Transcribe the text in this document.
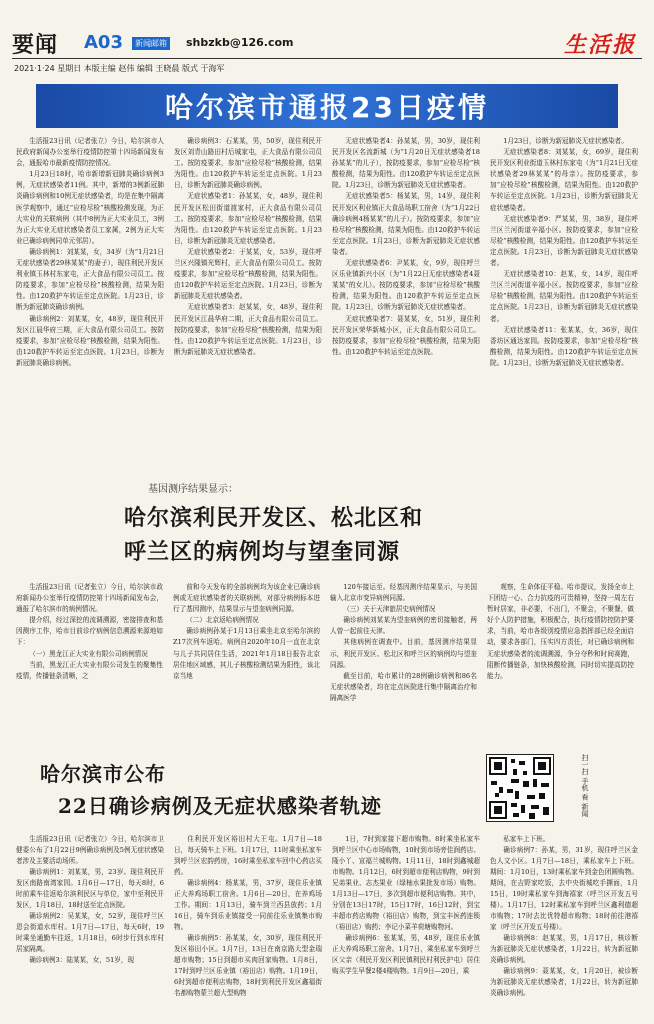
要闻 A03	新闻邮箱 shbzkb@126.com	生活报
2021·1·24 星期日 本版主编 赵伟 编辑 王晓晨 版式 于海军
哈尔滨市通报23日疫情

生活报23日讯（记者张立）今日，哈尔滨市人民政府新闻办公室举行疫情防控第十四场新闻发布会，通报哈市最新疫情防控情况。

1月23日18时，哈市新增新冠肺炎确诊病例3例，无症状感染者11例。其中，新增的3例新冠肺炎确诊病例和10例无症状感染者，均是在集中隔离医学观察中，通过“应检尽检”核酸检测发现，为正大实业的关联病例（其中8例为正大实业员工，3例为正大实业无症状感染者员工家属，2例为正大实业已确诊病例同单元邻居）。

确诊病例1：刘某某，女，34岁（为“1月21日无症状感染者29林某某”的妻子），现住利民开发区利业镇玉林村东家屯，正大食品有限公司员工。按防疫要求，参加“应检尽检”核酸检测，结果为阳性。由120救护车转运至定点医院。1月23日，诊断为新冠肺炎确诊病例。

确诊病例2：刘某某，女，48岁，现住利民开发区江晨华府三期，正大食品有限公司员工。按防疫要求，参加“应检尽检”核酸检测，结果为阳性。由120救护车转运至定点医院。1月23日，诊断为新冠肺炎确诊病例。

确诊病例3：石某某，男，50岁，现住利民开发区刘青山路田村后城家屯，正大食品有限公司员工。按防疫要求，参加“应检尽检”核酸检测，结果为阳性。由120救护车转运至定点医院。1月23日，诊断为新冠肺炎确诊病例。

无症状感染者1：孙某某，女，48岁，现住利民开发区松田街道渡家村，正大食品有限公司员工。按防疫要求，参加“应检尽检”核酸检测，结果为阳性。由120救护车转运至定点医院。1月23日，诊断为新冠肺炎无症状感染者。

无症状感染者2：于某某，女，53岁，现住呼兰区兴隆镇光辉村，正大食品有限公司员工。按防疫要求，参加“应检尽检”核酸检测，结果为阳性。由120救护车转运至定点医院。1月23日，诊断为新冠肺炎无症状感染者。

无症状感染者3：赵某某，女，48岁，现住利民开发区江晨华府二期，正大食品有限公司员工。按防疫要求，参加“应检尽检”核酸检测，结果为阳性。由120救护车转运至定点医院。1月23日，诊断为新冠肺炎无症状感染者。

无症状感染者4：孙某某，男，30岁，现住利民开发区名流新城（为“1月20日无症状感染者18孙某某”的儿子），按防疫要求，参加“应检尽检”核酸检测，结果为阳性。由120救护车转运至定点医院。1月23日，诊断为新冠肺炎无症状感染者。

无症状感染者5：杨某某，男，14岁，现住利民开发区利业镇正大食品场职工宿舍（为“1月22日确诊病例4杨某某”的儿子）。按防疫要求，参加“应检尽检”核酸检测，结果为阳性。由120救护车转运至定点医院。1月23日，诊断为新冠肺炎无症状感染者。

无症状感染者6：尹某某，女，9岁，现住呼兰区乐业镇新兴小区（为“1月22日无症状感染者4聂某某”的女儿）。按防疫要求，参加“应检尽检”核酸检测，结果为阳性。由120救护车转运至定点医院。1月23日，诊断为新冠肺炎无症状感染者。

无症状感染者7：聂某某，女，51岁，现住利民开发区荣华新城小区，正大食品有限公司员工。按防疫要求，参加“应检尽检”核酸检测，结果为阳性。由120救护车转运至定点医院。

1月23日，诊断为新冠肺炎无症状感染者。

无症状感染者8：刘某某，女，69岁，现住利民开发区利业街道玉林村东家屯（为“1月21日无症状感染者29林某某”的母亲）。按防疫要求，参加“应检尽检”核酸检测，结果为阳性。由120救护车转运至定点医院。1月23日，诊断为新冠肺炎无症状感染者。

无症状感染者9：严某某，男，38岁，现住呼兰区兰河街道辛福小区。按防疫要求，参加“应检尽检”核酸检测，结果为阳性。由120救护车转运至定点医院。1月23日，诊断为新冠肺炎无症状感染者。

无症状感染者10：赵某，女，14岁，现住呼兰区兰河街道辛福小区。按防疫要求，参加“应检尽检”核酸检测，结果为阳性。由120救护车转运至定点医院。1月23日，诊断为新冠肺炎无症状感染者。

无症状感染者11：张某某，女，36岁，现住香坊区通达家园。按防疫要求，参加“应检尽检”核酸检测，结果为阳性。由120救护车转运至定点医院。1月23日，诊断为新冠肺炎无症状感染者。

基因测序结果显示：
哈尔滨利民开发区、松北区和
呼兰区的病例均与望奎同源

生活报23日讯（记者张立）今日，哈尔滨市政府新闻办公室举行疫情防控第十四场新闻发布会，通报了哈尔滨市的病例情况。

提介绍，经过深挖的流调溯源，密接排查和基因测序工作，哈市目前诊疗病例信息溯源来源地如下：

（一）黑龙江正大实业有限公司病例情况

当前，黑龙江正大实业有限公司发生的聚集性疫情，传播链条清晰，之

前和今天发布的全部病例均为该企业已确诊病例或无症状感染者的关联病例，对部分病例标本进行了基因测序，结果显示与望奎病例同源。

（二）北京返哈病例情况

确诊病例孙某于1月13日乘坐北京至哈尔滨的Z17次列车返哈。病例自2020年10月一直在北京与儿子共同居住生活，2021年1月18日报告北京居住地区域感，其儿子核酸检测结果为阳性，该北京当地

120车接运至。经基因测序结果显示，与美国输入北京市变异病例同源。

（三）关于天津旅居史病例情况

确诊病例刘某某为望奎病例的密切接触者，两人曾一起前往天津。

其他病例在调查中。目前，基因测序结果显示，利民开发区、松北区和呼兰区的病例均与望奎同源。

截至目前，哈市累计的28例确诊病例和86名无症状感染者，均在定点医院进行集中隔离治疗和隔离医学

观察，生命体征平稳。哈市提议，发扬全市上下团结一心、合力抗疫的可贵精神，坚持一周左右暂时居家，非必要，不出门，不聚会，不聚餐，做好个人防护措施，积极配合，执行疫情防控防护要求，当前，哈市各级别疫情应急指挥部已经全面启动，要求各部门，压实四方责任，对已确诊病例和无症状感染者的流调溯源，争分夺秒和时间赛跑，阻断传播链条，加快核酸检测，同时切实提高防控能力。

哈尔滨市公布
22日确诊病例及无症状感染者轨迹	扫一扫 手机 看 新闻

生活报23日讯（记者张立）今日，哈尔滨市卫健委公布了1月22日9例确诊病例及5例无症状感染者涉及主要活动场所。

确诊病例1：刘某某，男，23岁。现住利民开发区南路南湾家园。1月6日—17日，每天8时，6时前乘车往返哈尔滨利民区与单位，家中至利民开发区，1月18日，18时送至定点医院。

确诊病例2：吴某某，女，52岁，现住呼兰区恩会街道水库村。1月7日—17日，每天6时，19时乘坐通勤车往返，1月18日，6时步行到水库村居家隔离。

确诊病例3：陆某某，女，51岁，现

住利民开发区裕田村大王屯。1月7日—18日，每天骑车上下班。1月17日，11时乘坐私家车到呼兰区宏韵药房，16时乘坐私家车回中心药店买药。

确诊病例4：杨某某，男，37岁，现住乐业镇正大养鸡场职工宿舍。1月6日—20日，在养鸡场工作。期间：1月13日，骑车到兰西县放药；1月16日，骑车到乐业镇接受一同前往乐业镇集市购物。

确诊病例5：孙某某，女，30岁，现住利民开发区裕田小区。1月7日，13日在南京路大型金瑞超市购物；15日到超市买肉回家购物。1月8日，17时到呼兰区乐业镇（裕田店）购物。1月19日，6时到超市便利店购物，18时到利民开发区鑫福街名都购物蒙兰超大型购物

1日，7时到家接下超市购物。8时乘坐私家车到呼兰区中心市场购物，10时到市场旁佳润药店、隆小丫、宣福兰城购物。1月11日，18时到鑫城超市购物。1月12日，6时到超市便利店购物，9时到兄弟果业、志杰果业（绿柚水果批发市场）购物。1月13日—17日，多次到超市便利店购物。其中，分别在13日17时，15日17时，16日12时，到宝丰超市药店购物（裕田店）购物，到宝丰医药连锁（裕田店）购药；李记小菜羊荷塘购物河。

确诊病例6：张某某，男，48岁，现住乐业镇正大养鸡场职工宿舍。1月7日，乘坐私家车到呼兰区父亲（利民开发区利民镇利民村利民护屯）居住购买学生早餐2楼4楼购物。1月9日—20日，乘

私家车上下班。

确诊病例7：孙某，男，31岁，现住呼兰区金色人文小区。1月7日—18日，乘私家车上下班。期间：1月10日，13时乘私家车到金色团圆购物。期间，在吉野家吃饭，去中央街城吃手撕面，1月15日，19时乘私家车到海禧家（呼兰区开发五号楼）。1月17日，12时乘私家车到呼兰区鑫利德超市购物；17时去比优特超市购物；18时前往港禧家（呼兰区开发五号楼）。

确诊病例8：赵某某，男，1月17日，核诊断为新冠肺炎无症状感染者，1月22日，转为新冠肺炎确诊病例。

确诊病例9：聂某某，女，1月20日，被诊断为新冠肺炎无症状感染者，1月22日，转为新冠肺炎确诊病例。
